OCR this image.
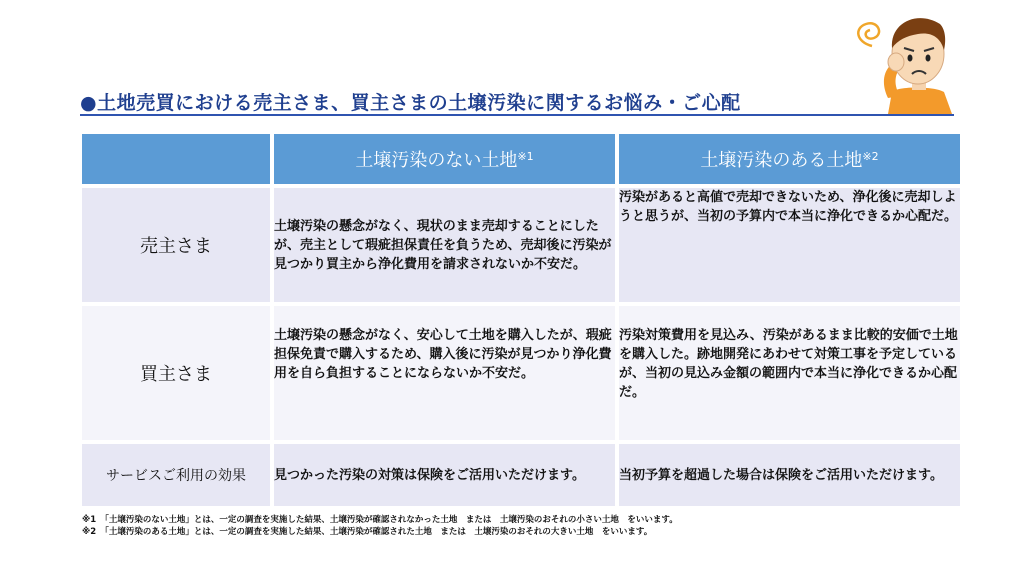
●土地売買における売主さま、買主さまの土壌汚染に関するお悩み・ご心配
	土壌汚染のない土地$^{※1}$	土壌汚染のある土地$^{※2}$
売主さま	土壌汚染の懸念がなく、現状のまま売却することにしたが、売主として瑕疵担保責任を負うため、売却後に汚染が見つかり買主から浄化費用を請求されないか不安だ。	汚染があると高値で売却できないため、浄化後に売却しようと思うが、当初の予算内で本当に浄化できるか心配だ。
買主さま	土壌汚染の懸念がなく、安心して土地を購入したが、瑕疵担保免責で購入するため、購入後に汚染が見つかり浄化費用を自ら負担することにならないか不安だ。	汚染対策費用を見込み、汚染があるまま比較的安価で土地を購入した。跡地開発にあわせて対策工事を予定しているが、当初の見込み金額の範囲内で本当に浄化できるか心配だ。
サービスご利用の効果	見つかった汚染の対策は保険をご活用いただけます。	当初予算を超過した場合は保険をご活用いただけます。
※1　「土壌汚染のない土地」とは、一定の調査を実施した結果、土壌汚染が確認されなかった土地　または　土壌汚染のおそれの小さい土地　をいいます。
※2　「土壌汚染のある土地」とは、一定の調査を実施した結果、土壌汚染が確認された土地　または　土壌汚染のおそれの大きい土地　をいいます。
